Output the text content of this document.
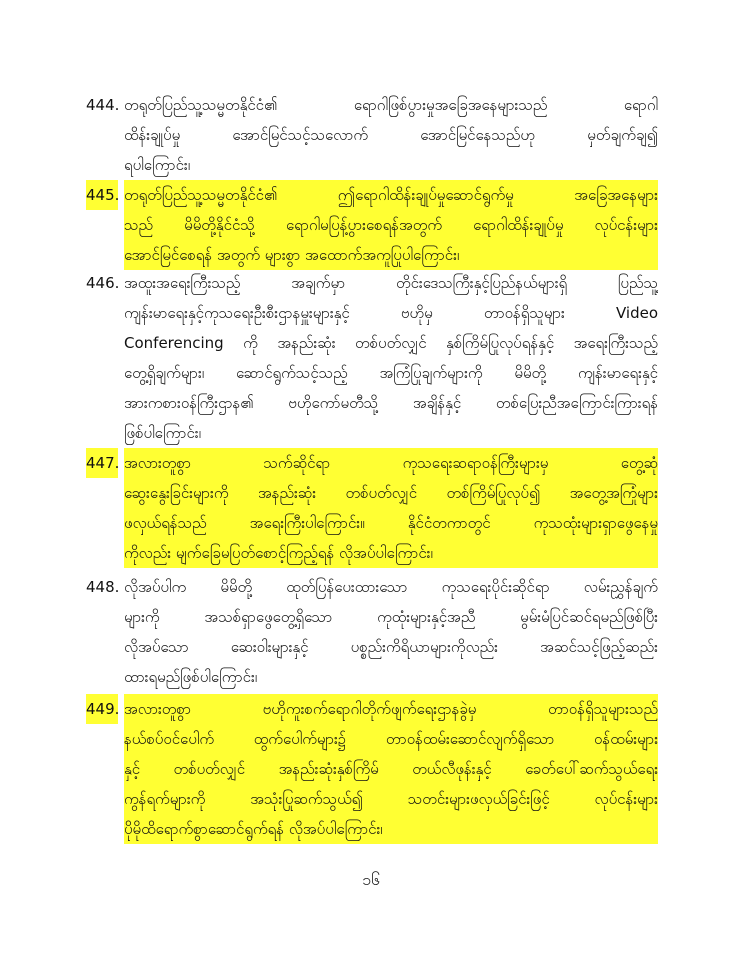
444. တရုတ်ပြည်သူ့သမ္မတနိုင်ငံ၏ ရောဂါဖြစ်ပွားမှုအခြေအနေများသည် ရောဂါ
ထိန်းချုပ်မှု အောင်မြင်သင့်သလောက် အောင်မြင်နေသည်ဟု မှတ်ချက်ချ၍
ရပါကြောင်း၊
445. တရုတ်ပြည်သူ့သမ္မတနိုင်ငံ၏ ဤရောဂါထိန်းချုပ်မှုဆောင်ရွက်မှု အခြေအနေများ
သည် မိမိတို့နိုင်ငံသို့ ရောဂါမပြန့်ပွားစေရန်အတွက် ရောဂါထိန်းချုပ်မှု လုပ်ငန်းများ
အောင်မြင်စေရန် အတွက် များစွာ အထောက်အကူပြုပါကြောင်း၊
446. အထူးအရေးကြီးသည့် အချက်မှာ တိုင်းဒေသကြီးနှင့်ပြည်နယ်များရှိ ပြည်သူ့
ကျန်းမာရေးနှင့်ကုသရေးဦးစီးဌာနမှူးများနှင့် ဗဟိုမှ တာဝန်ရှိသူများ Video
Conferencing ကို အနည်းဆုံး တစ်ပတ်လျှင် နှစ်ကြိမ်ပြုလုပ်ရန်နှင့် အရေးကြီးသည့်
တွေ့ရှိချက်များ၊ ဆောင်ရွက်သင့်သည့် အကြံပြုချက်များကို မိမိတို့ ကျန်းမာရေးနှင့်
အားကစားဝန်ကြီးဌာန၏ ဗဟိုကော်မတီသို့ အချိန်နှင့် တစ်ပြေးညီအကြောင်းကြားရန်
ဖြစ်ပါကြောင်း၊
447. အလားတူစွာ သက်ဆိုင်ရာ ကုသရေးဆရာဝန်ကြီးများမှ တွေ့ဆုံ
ဆွေးနွေးခြင်းများကို အနည်းဆုံး တစ်ပတ်လျှင် တစ်ကြိမ်ပြုလုပ်၍ အတွေ့အကြုံများ
ဖလှယ်ရန်သည် အရေးကြီးပါကြောင်း။ နိုင်ငံတကာတွင် ကုသထုံးများရှာဖွေနေမှု
ကိုလည်း မျက်ခြေမပြတ်စောင့်ကြည့်ရန် လိုအပ်ပါကြောင်း၊
448. လိုအပ်ပါက မိမိတို့ ထုတ်ပြန်ပေးထားသော ကုသရေးပိုင်းဆိုင်ရာ လမ်းညွှန်ချက်
များကို အသစ်ရှာဖွေတွေ့ရှိသော ကုထုံးများနှင့်အညီ မွမ်းမံပြင်ဆင်ရမည်ဖြစ်ပြီး
လိုအပ်သော ဆေးဝါးများနှင့် ပစ္စည်းကိရိယာများကိုလည်း အဆင်သင့်ဖြည့်ဆည်း
ထားရမည်ဖြစ်ပါကြောင်း၊
449. အလားတူစွာ ဗဟိုကူးစက်ရောဂါတိုက်ဖျက်ရေးဌာနခွဲမှ တာဝန်ရှိသူများသည်
နယ်စပ်ဝင်ပေါက် ထွက်ပေါက်များ၌ တာဝန်ထမ်းဆောင်လျက်ရှိသော ဝန်ထမ်းများ
နှင့် တစ်ပတ်လျှင် အနည်းဆုံးနှစ်ကြိမ် တယ်လီဖုန်းနှင့် ခေတ်ပေါ်ဆက်သွယ်ရေး
ကွန်ရက်များကို အသုံးပြုဆက်သွယ်၍ သတင်းများဖလှယ်ခြင်းဖြင့် လုပ်ငန်းများ
ပိုမိုထိရောက်စွာဆောင်ရွက်ရန် လိုအပ်ပါကြောင်း၊
၁၆
